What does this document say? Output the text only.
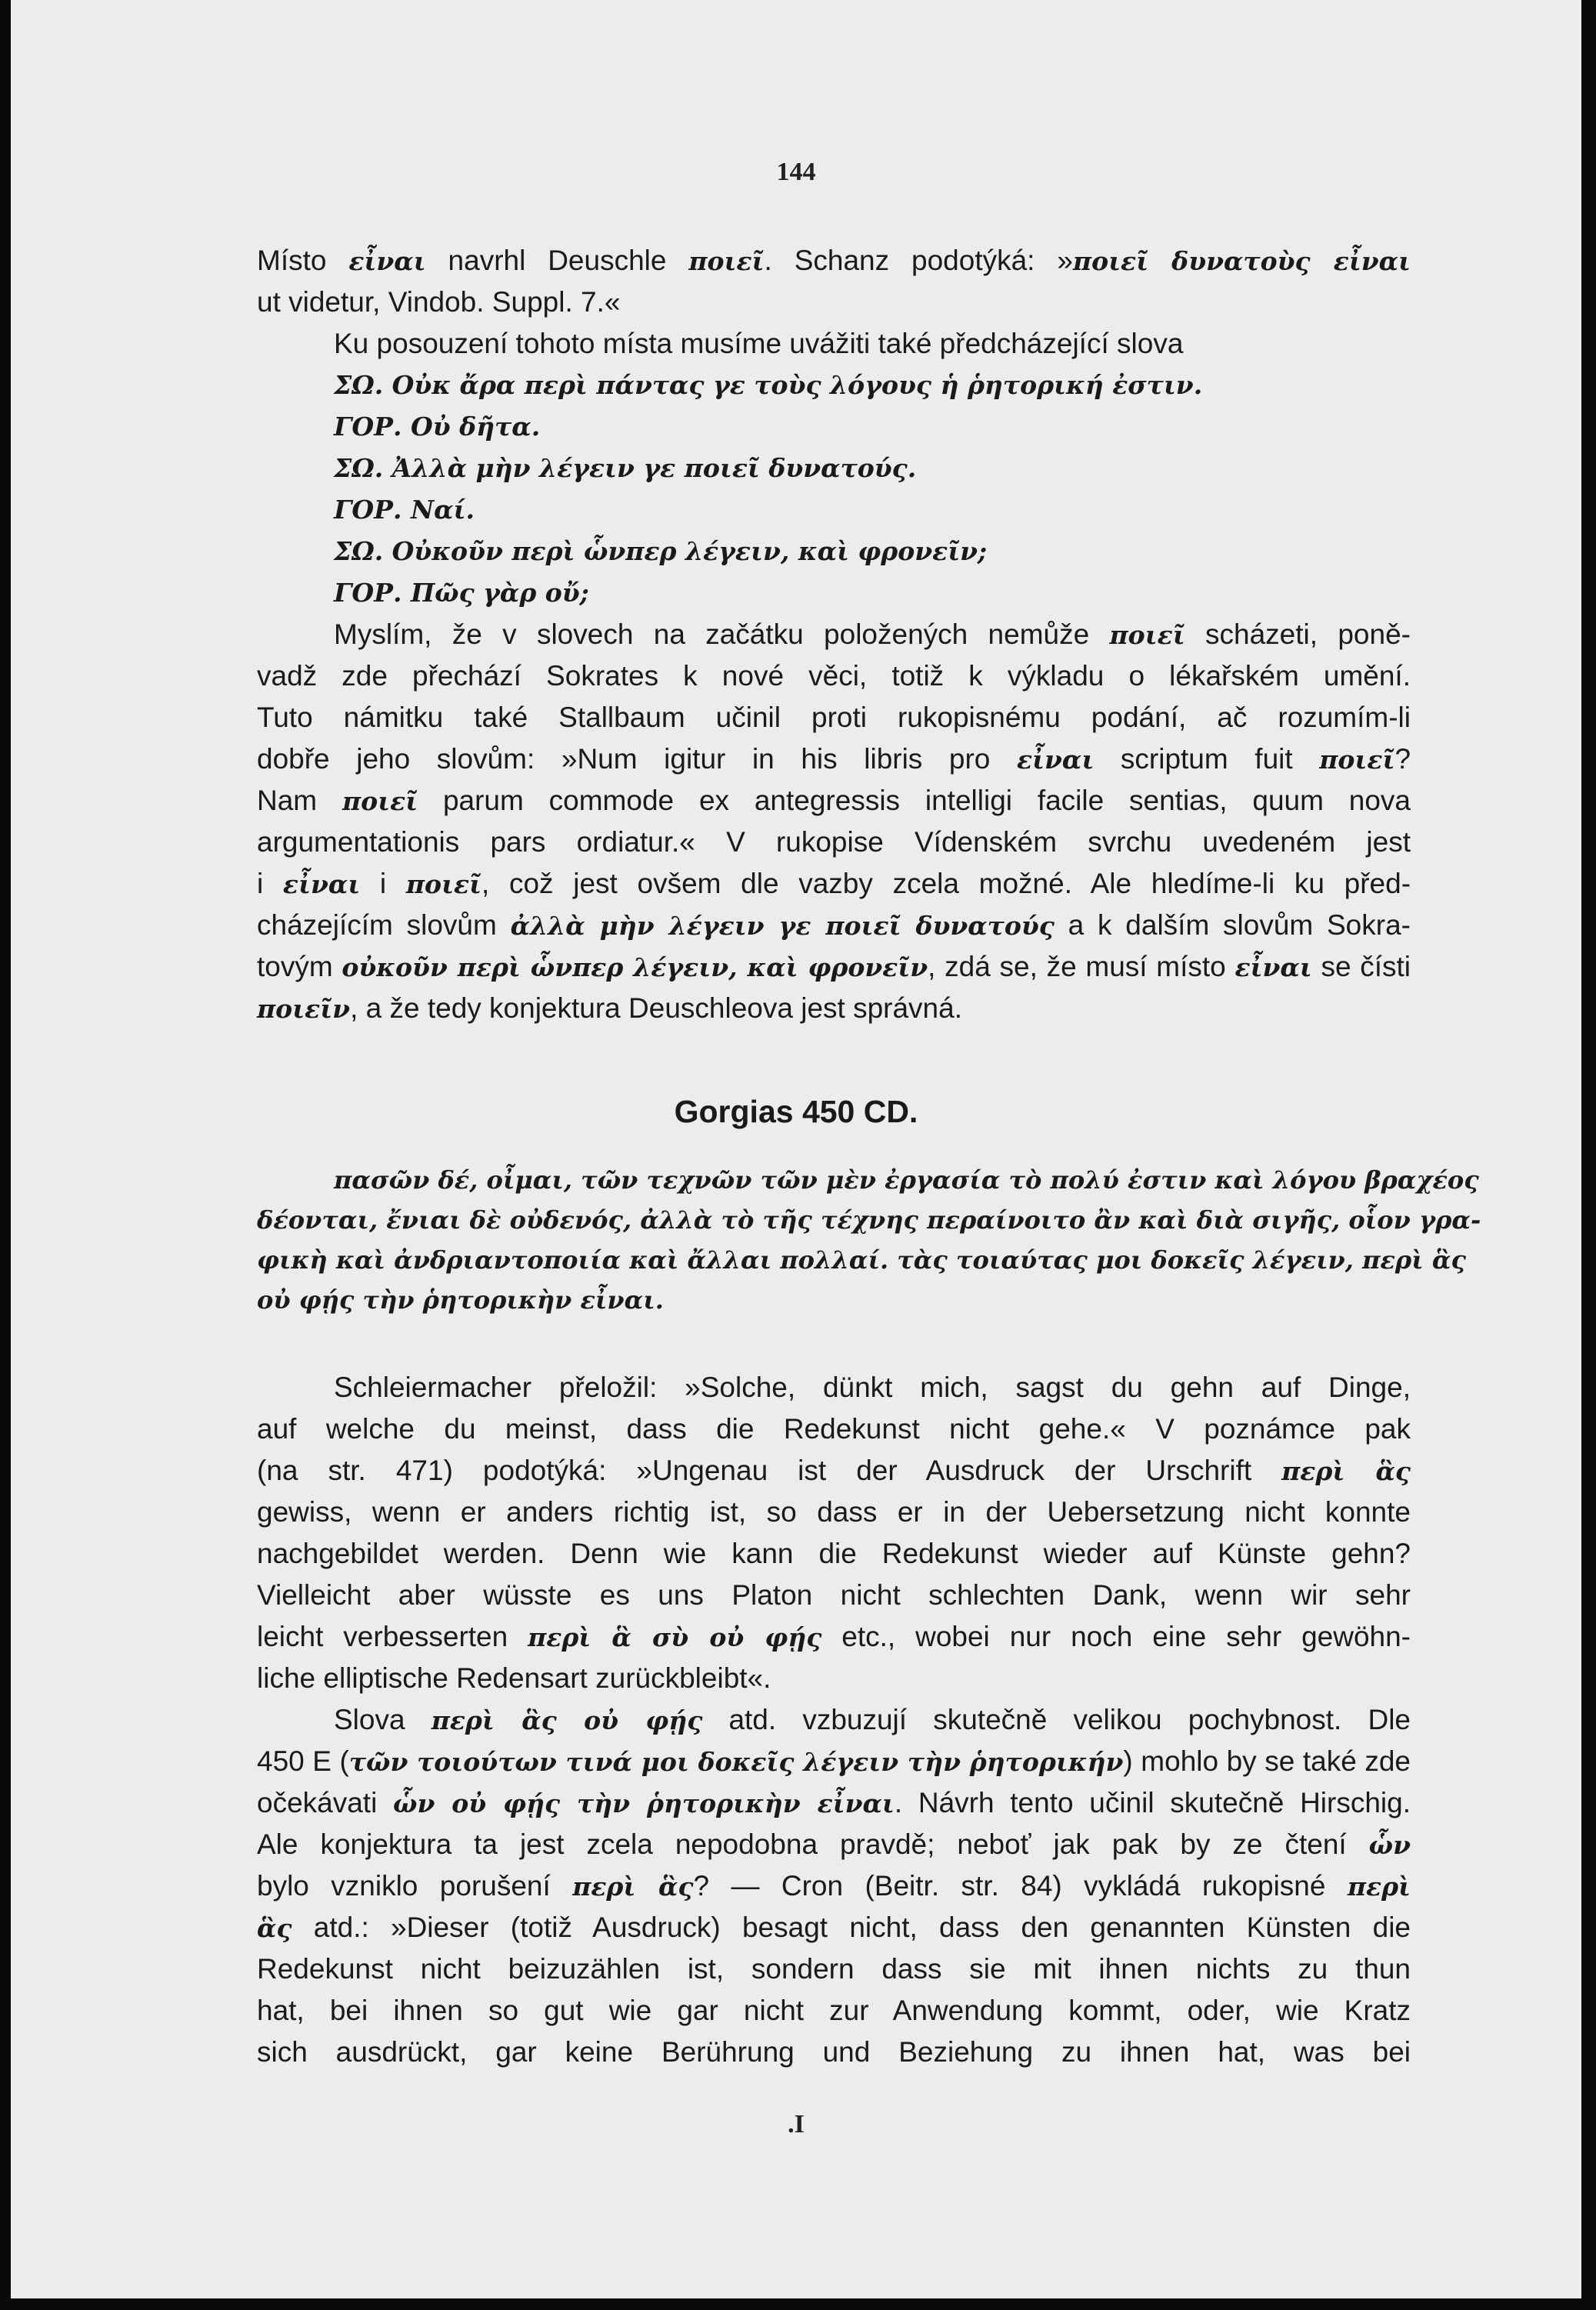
144
Místo εἶναι navrhl Deuschle ποιεῖ. Schanz podotýká: »ποιεῖ δυνατοὺς εἶναι
ut videtur, Vindob. Suppl. 7.«
Ku posouzení tohoto místa musíme uvážiti také předcházející slova
ΣΩ. Οὐκ ἄρα περὶ πάντας γε τοὺς λόγους ἡ ῥητορική ἐστιν.
ΓΟΡ. Οὐ δῆτα.
ΣΩ. Ἀλλὰ μὴν λέγειν γε ποιεῖ δυνατούς.
ΓΟΡ. Ναί.
ΣΩ. Οὐκοῦν περὶ ὧνπερ λέγειν, καὶ φρονεῖν;
ΓΟΡ. Πῶς γὰρ οὔ;
Myslím, že v slovech na začátku položených nemůže ποιεῖ scházeti, poně-
vadž zde přechází Sokrates k nové věci, totiž k výkladu o lékařském umění.
Tuto námitku také Stallbaum učinil proti rukopisnému podání, ač rozumím-li
dobře jeho slovům: »Num igitur in his libris pro εἶναι scriptum fuit ποιεῖ?
Nam ποιεῖ parum commode ex antegressis intelligi facile sentias, quum nova
argumentationis pars ordiatur.« V rukopise Vídenském svrchu uvedeném jest
i εἶναι i ποιεῖ, což jest ovšem dle vazby zcela možné. Ale hledíme-li ku před-
cházejícím slovům ἀλλὰ μὴν λέγειν γε ποιεῖ δυνατούς a k dalším slovům Sokra-
tovým οὐκοῦν περὶ ὧνπερ λέγειν, καὶ φρονεῖν, zdá se, že musí místo εἶναι se čísti
ποιεῖν, a že tedy konjektura Deuschleova jest správná.
Gorgias 450 CD.
πασῶν δέ, οἶμαι, τῶν τεχνῶν τῶν μὲν ἐργασία τὸ πολύ ἐστιν καὶ λόγου βραχέος
δέονται, ἔνιαι δὲ οὐδενός, ἀλλὰ τὸ τῆς τέχνης περαίνοιτο ἂν καὶ διὰ σιγῆς, οἷον γρα-
φικὴ καὶ ἀνδριαντοποιία καὶ ἄλλαι πολλαί. τὰς τοιαύτας μοι δοκεῖς λέγειν, περὶ ἃς
οὐ φῄς τὴν ῥητορικὴν εἶναι.
Schleiermacher přeložil: »Solche, dünkt mich, sagst du gehn auf Dinge,
auf welche du meinst, dass die Redekunst nicht gehe.« V poznámce pak
(na str. 471) podotýká: »Ungenau ist der Ausdruck der Urschrift περὶ ἃς
gewiss, wenn er anders richtig ist, so dass er in der Uebersetzung nicht konnte
nachgebildet werden. Denn wie kann die Redekunst wieder auf Künste gehn?
Vielleicht aber wüsste es uns Platon nicht schlechten Dank, wenn wir sehr
leicht verbesserten περὶ ἃ σὺ οὐ φῄς etc., wobei nur noch eine sehr gewöhn-
liche elliptische Redensart zurückbleibt«.
Slova περὶ ἃς οὐ φῄς atd. vzbuzují skutečně velikou pochybnost. Dle
450 E (τῶν τοιούτων τινά μοι δοκεῖς λέγειν τὴν ῥητορικήν) mohlo by se také zde
očekávati ὧν οὐ φῄς τὴν ῥητορικὴν εἶναι. Návrh tento učinil skutečně Hirschig.
Ale konjektura ta jest zcela nepodobna pravdě; neboť jak pak by ze čtení ὧν
bylo vzniklo porušení περὶ ἃς? — Cron (Beitr. str. 84) vykládá rukopisné περὶ
ἃς atd.: »Dieser (totiž Ausdruck) besagt nicht, dass den genannten Künsten die
Redekunst nicht beizuzählen ist, sondern dass sie mit ihnen nichts zu thun
hat, bei ihnen so gut wie gar nicht zur Anwendung kommt, oder, wie Kratz
sich ausdrückt, gar keine Berührung und Beziehung zu ihnen hat, was bei
.I
